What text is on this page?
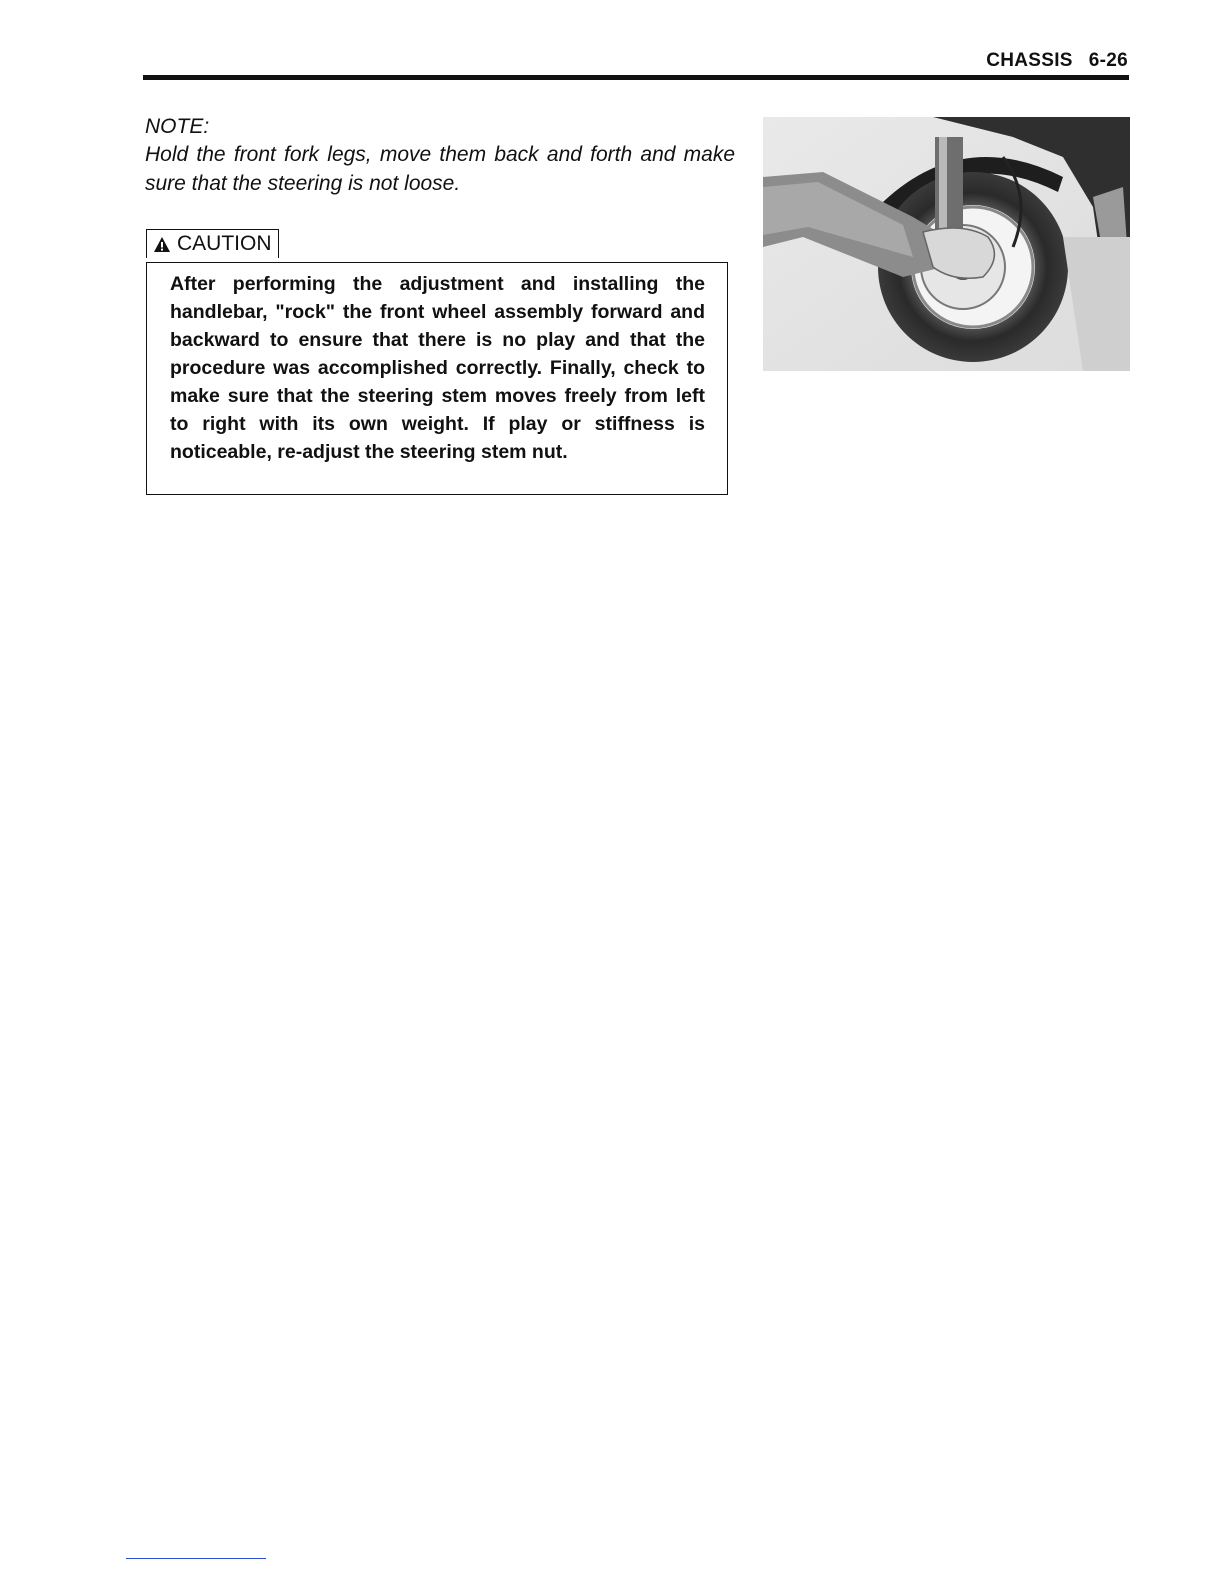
CHASSIS 6-26
NOTE:
Hold the front fork legs, move them back and forth and make sure that the steering is not loose.
CAUTION
After performing the adjustment and installing the handlebar, "rock" the front wheel assembly forward and backward to ensure that there is no play and that the procedure was accomplished correctly. Finally, check to make sure that the steering stem moves freely from left to right with its own weight. If play or stiffness is noticeable, re-adjust the steering stem nut.
